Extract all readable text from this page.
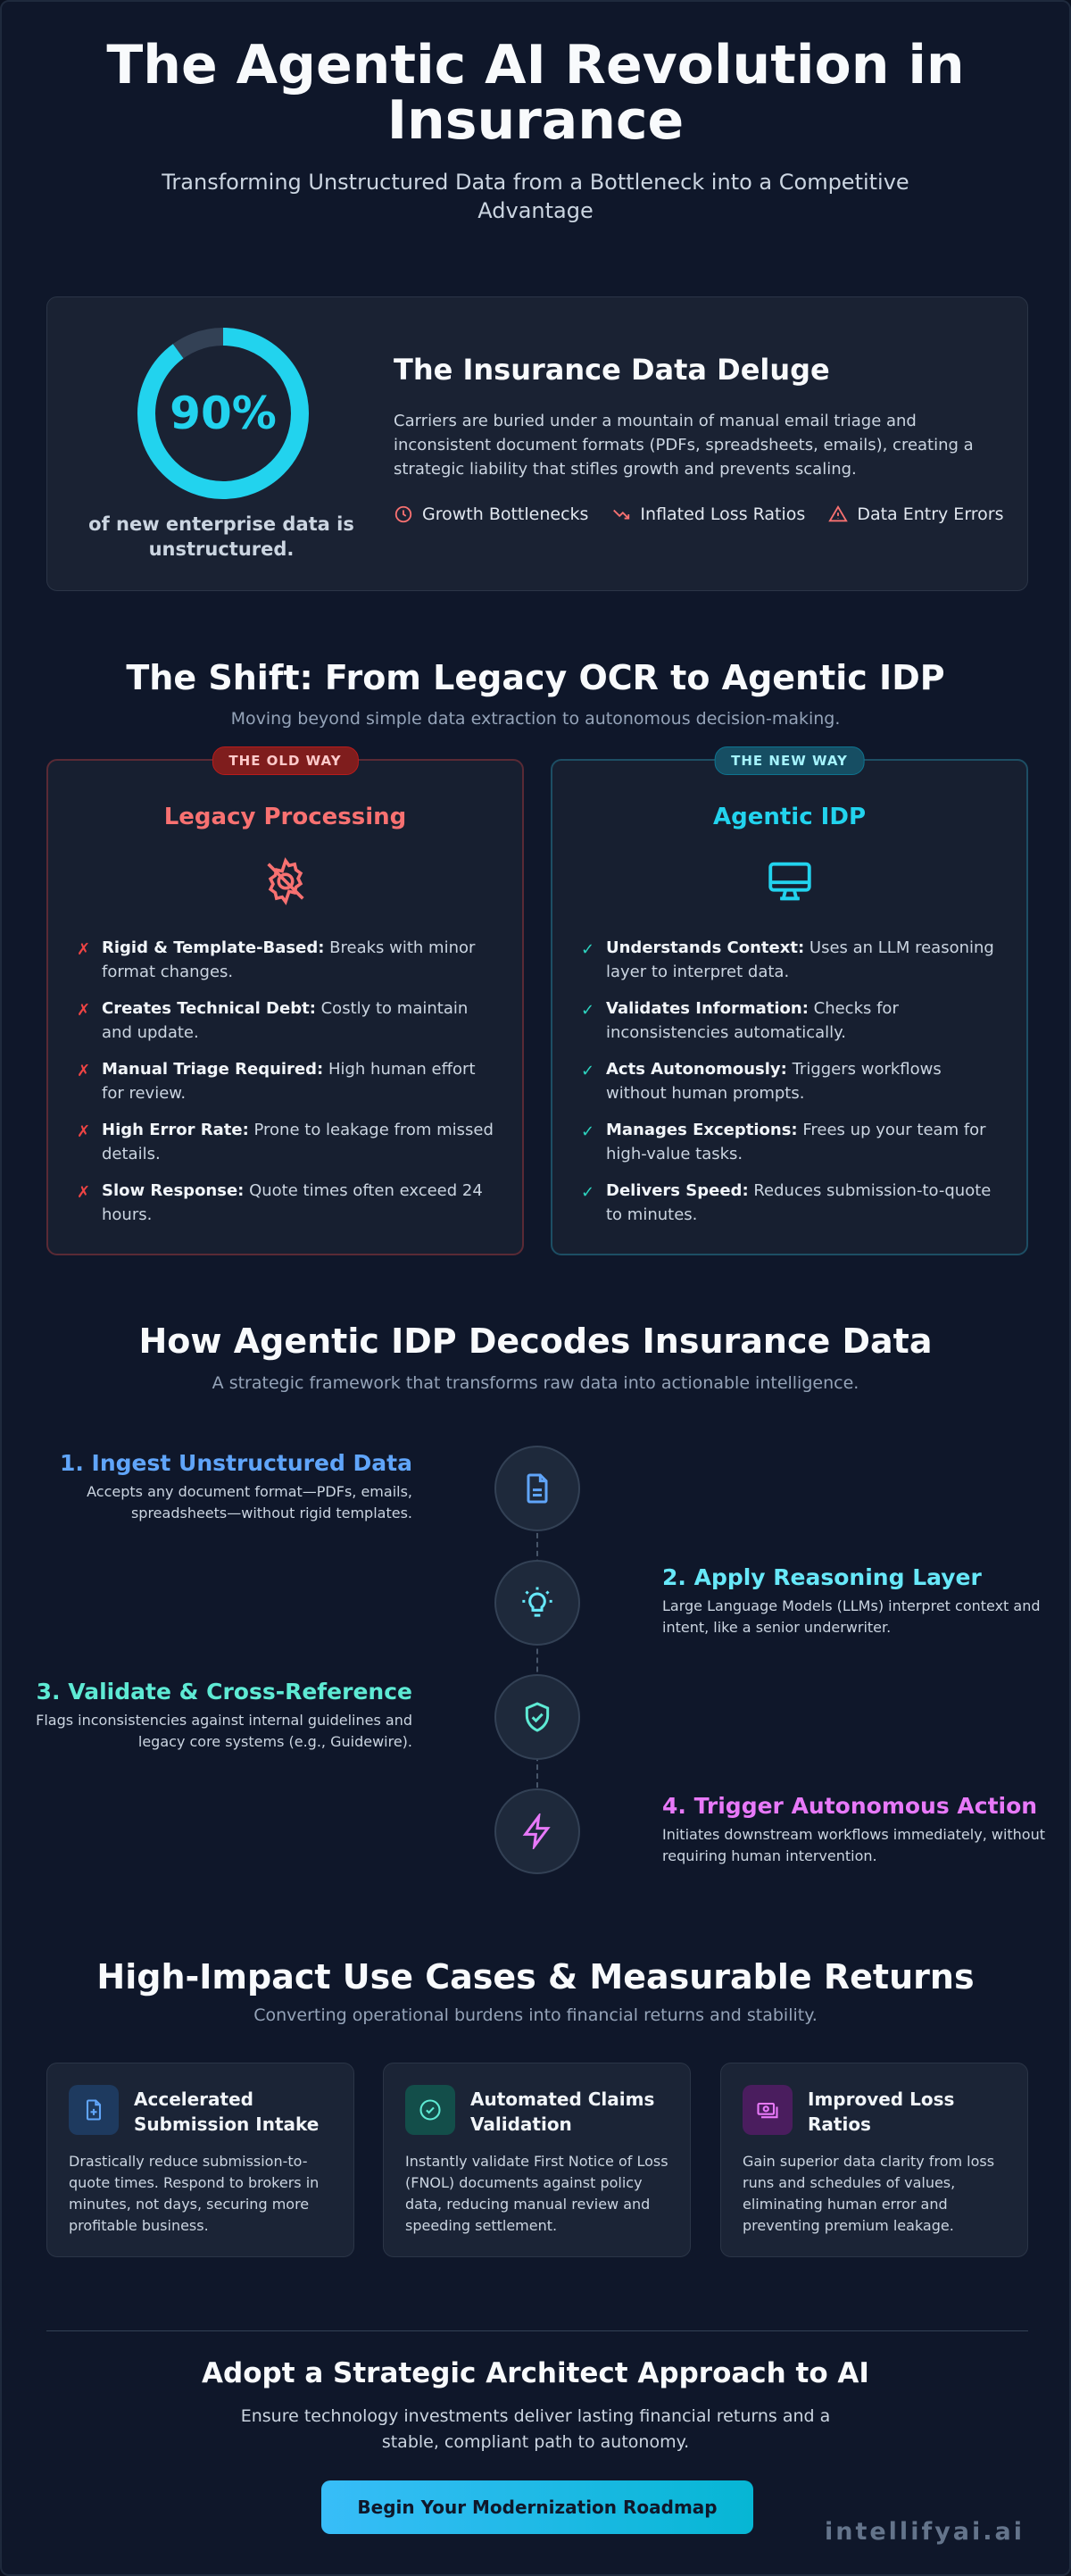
The Agentic AI Revolution in Insurance

Transforming Unstructured Data from a Bottleneck into a Competitive Advantage

90%
of new enterprise data is unstructured.
The Insurance Data Deluge

Carriers are buried under a mountain of manual email triage and inconsistent document formats (PDFs, spreadsheets, emails), creating a strategic liability that stifles growth and prevents scaling.

Growth Bottlenecks	Inflated Loss Ratios	Data Entry Errors
The Shift: From Legacy OCR to Agentic IDP
Moving beyond simple data extraction to autonomous decision-making.
THE OLD WAY
Legacy Processing
✗ Rigid & Template-Based: Breaks with minor format changes.
✗ Creates Technical Debt: Costly to maintain and update.
✗ Manual Triage Required: High human effort for review.
✗ High Error Rate: Prone to leakage from missed details.
✗ Slow Response: Quote times often exceed 24 hours.
THE NEW WAY
Agentic IDP
✓ Understands Context: Uses an LLM reasoning layer to interpret data.
✓ Validates Information: Checks for inconsistencies automatically.
✓ Acts Autonomously: Triggers workflows without human prompts.
✓ Manages Exceptions: Frees up your team for high-value tasks.
✓ Delivers Speed: Reduces submission-to-quote to minutes.
How Agentic IDP Decodes Insurance Data
A strategic framework that transforms raw data into actionable intelligence.
1. Ingest Unstructured Data

Accepts any document format—PDFs, emails, spreadsheets—without rigid templates.

2. Apply Reasoning Layer

Large Language Models (LLMs) interpret context and intent, like a senior underwriter.

3. Validate & Cross-Reference

Flags inconsistencies against internal guidelines and legacy core systems (e.g., Guidewire).

4. Trigger Autonomous Action

Initiates downstream workflows immediately, without requiring human intervention.

High-Impact Use Cases & Measurable Returns
Converting operational burdens into financial returns and stability.
Accelerated Submission Intake

Drastically reduce submission-to-quote times. Respond to brokers in minutes, not days, securing more profitable business.

Automated Claims Validation

Instantly validate First Notice of Loss (FNOL) documents against policy data, reducing manual review and speeding settlement.

Improved Loss Ratios

Gain superior data clarity from loss runs and schedules of values, eliminating human error and preventing premium leakage.

Adopt a Strategic Architect Approach to AI
Ensure technology investments deliver lasting financial returns and a stable, compliant path to autonomy.
Begin Your Modernization Roadmap
intellifyai.ai
